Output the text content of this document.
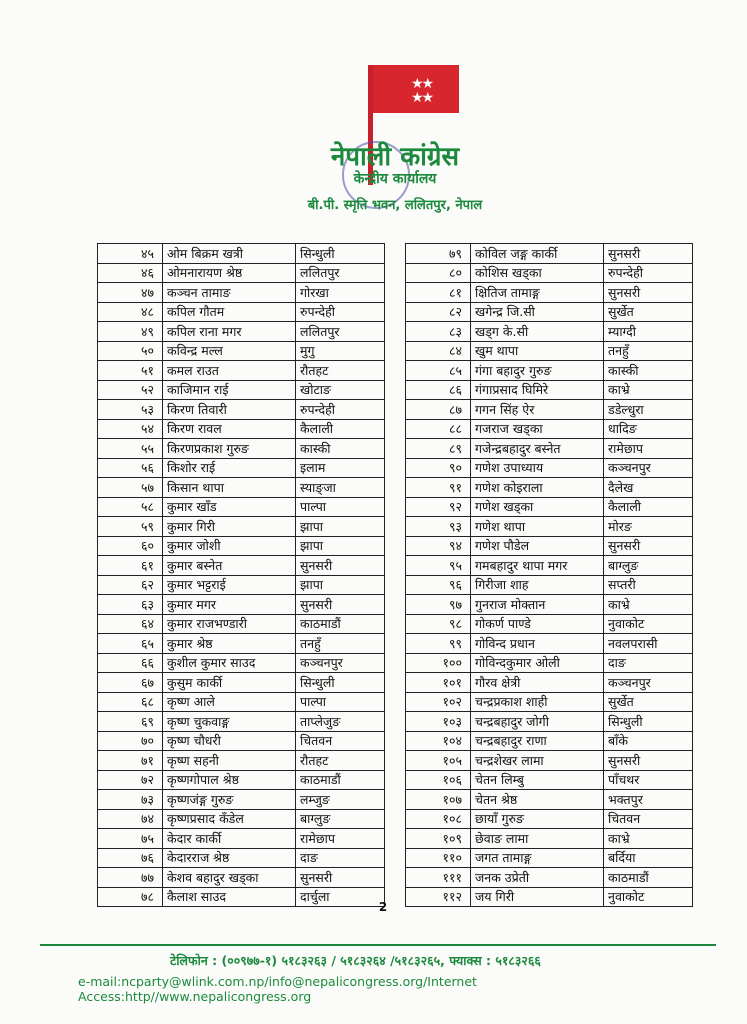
★★
★★
नेपाली कांग्रेस
केन्द्रीय कार्यालय
बी.पी. स्मृति भवन, ललितपुर, नेपाल
४५	ओम बिक्रम खत्री	सिन्धुली
४६	ओमनारायण श्रेष्ठ	ललितपुर
४७	कञ्चन तामाङ	गोरखा
४८	कपिल गौतम	रुपन्देही
४९	कपिल राना मगर	ललितपुर
५०	कविन्द्र मल्ल	मुगु
५१	कमल राउत	रौतहट
५२	काजिमान राई	खोटाङ
५३	किरण तिवारी	रुपन्देही
५४	किरण रावल	कैलाली
५५	किरणप्रकाश गुरुङ	कास्की
५६	किशोर राई	इलाम
५७	किसान थापा	स्याङ्जा
५८	कुमार खाँड	पाल्पा
५९	कुमार गिरी	झापा
६०	कुमार जोशी	झापा
६१	कुमार बस्नेत	सुनसरी
६२	कुमार भट्टराई	झापा
६३	कुमार मगर	सुनसरी
६४	कुमार राजभण्डारी	काठमाडौं
६५	कुमार श्रेष्ठ	तनहुँ
६६	कुशील कुमार साउद	कञ्चनपुर
६७	कुसुम कार्की	सिन्धुली
६८	कृष्ण आले	पाल्पा
६९	कृष्ण चुकवाङ्ग	ताप्लेजुङ
७०	कृष्ण चौधरी	चितवन
७१	कृष्ण सहनी	रौतहट
७२	कृष्णगोपाल श्रेष्ठ	काठमाडौं
७३	कृष्णजंङ्ग गुरुङ	लम्जुङ
७४	कृष्णप्रसाद कँडेल	बाग्लुङ
७५	केदार कार्की	रामेछाप
७६	केदारराज श्रेष्ठ	दाङ
७७	केशव बहादुर खड्का	सुनसरी
७८	कैलाश साउद	दार्चुला
७९	कोविल जङ्ग कार्की	सुनसरी
८०	कोशिस खड्का	रुपन्देही
८१	क्षितिज तामाङ्ग	सुनसरी
८२	खगेन्द्र जि.सी	सुर्खेत
८३	खड्ग के.सी	म्याग्दी
८४	खुम थापा	तनहुँ
८५	गंगा बहादुर गुरुङ	कास्की
८६	गंगाप्रसाद घिमिरे	काभ्रे
८७	गगन सिंह ऐर	डडेल्धुरा
८८	गजराज खड्का	धादिङ
८९	गजेन्द्रबहादुर बस्नेत	रामेछाप
९०	गणेश उपाध्याय	कञ्चनपुर
९१	गणेश कोइराला	दैलेख
९२	गणेश खड्का	कैलाली
९३	गणेश थापा	मोरङ
९४	गणेश पौडेल	सुनसरी
९५	गमबहादुर थापा मगर	बाग्लुङ
९६	गिरीजा शाह	सप्तरी
९७	गुनराज मोक्तान	काभ्रे
९८	गोकर्ण पाण्डे	नुवाकोट
९९	गोविन्द प्रधान	नवलपरासी
१००	गोविन्दकुमार ओली	दाङ
१०१	गौरव क्षेत्री	कञ्चनपुर
१०२	चन्द्रप्रकाश शाही	सुर्खेत
१०३	चन्द्रबहादुर जोगी	सिन्धुली
१०४	चन्द्रबहादुर राणा	बाँके
१०५	चन्द्रशेखर लामा	सुनसरी
१०६	चेतन लिम्बु	पाँचथर
१०७	चेतन श्रेष्ठ	भक्तपुर
१०८	छायाँ गुरुङ	चितवन
१०९	छेवाङ लामा	काभ्रे
११०	जगत तामाङ्ग	बर्दिया
१११	जनक उप्रेती	काठमाडौं
११२	जय गिरी	नुवाकोट
2
टेलिफोन : (००९७७-१) ५१८३२६३ / ५१८३२६४ /५१८३२६५, फ्याक्स : ५१८३२६६
e-mail:ncparty@wlink.com.np/info@nepalicongress.org/Internet Access:http//www.nepalicongress.org
